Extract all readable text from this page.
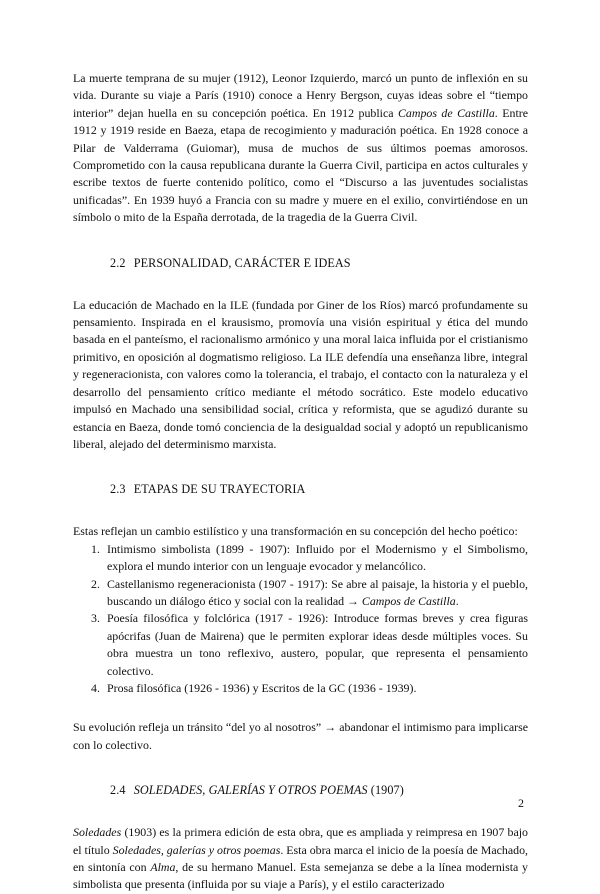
La muerte temprana de su mujer (1912), Leonor Izquierdo, marcó un punto de inflexión en su vida. Durante su viaje a París (1910) conoce a Henry Bergson, cuyas ideas sobre el “tiempo interior” dejan huella en su concepción poética. En 1912 publica Campos de Castilla. Entre 1912 y 1919 reside en Baeza, etapa de recogimiento y maduración poética. En 1928 conoce a Pilar de Valderrama (Guiomar), musa de muchos de sus últimos poemas amorosos. Comprometido con la causa republicana durante la Guerra Civil, participa en actos culturales y escribe textos de fuerte contenido político, como el “Discurso a las juventudes socialistas unificadas”. En 1939 huyó a Francia con su madre y muere en el exilio, convirtiéndose en un símbolo o mito de la España derrotada, de la tragedia de la Guerra Civil.

2.2 PERSONALIDAD, CARÁCTER E IDEAS

La educación de Machado en la ILE (fundada por Giner de los Ríos) marcó profundamente su pensamiento. Inspirada en el krausismo, promovía una visión espiritual y ética del mundo basada en el panteísmo, el racionalismo armónico y una moral laica influida por el cristianismo primitivo, en oposición al dogmatismo religioso. La ILE defendía una enseñanza libre, integral y regeneracionista, con valores como la tolerancia, el trabajo, el contacto con la naturaleza y el desarrollo del pensamiento crítico mediante el método socrático. Este modelo educativo impulsó en Machado una sensibilidad social, crítica y reformista, que se agudizó durante su estancia en Baeza, donde tomó conciencia de la desigualdad social y adoptó un republicanismo liberal, alejado del determinismo marxista.

2.3 ETAPAS DE SU TRAYECTORIA

Estas reflejan un cambio estilístico y una transformación en su concepción del hecho poético:

1. Intimismo simbolista (1899 - 1907): Influido por el Modernismo y el Simbolismo, explora el mundo interior con un lenguaje evocador y melancólico.
2. Castellanismo regeneracionista (1907 - 1917): Se abre al paisaje, la historia y el pueblo, buscando un diálogo ético y social con la realidad → Campos de Castilla.
3. Poesía filosófica y folclórica (1917 - 1926): Introduce formas breves y crea figuras apócrifas (Juan de Mairena) que le permiten explorar ideas desde múltiples voces. Su obra muestra un tono reflexivo, austero, popular, que representa el pensamiento colectivo.
4. Prosa filosófica (1926 - 1936) y Escritos de la GC (1936 - 1939).

Su evolución refleja un tránsito “del yo al nosotros” → abandonar el intimismo para implicarse con lo colectivo.

2.4 SOLEDADES, GALERÍAS Y OTROS POEMAS (1907)

Soledades (1903) es la primera edición de esta obra, que es ampliada y reimpresa en 1907 bajo el título Soledades, galerías y otros poemas. Esta obra marca el inicio de la poesía de Machado, en sintonía con Alma, de su hermano Manuel. Esta semejanza se debe a la línea modernista y simbolista que presenta (influida por su viaje a París), y el estilo caracterizado

2
